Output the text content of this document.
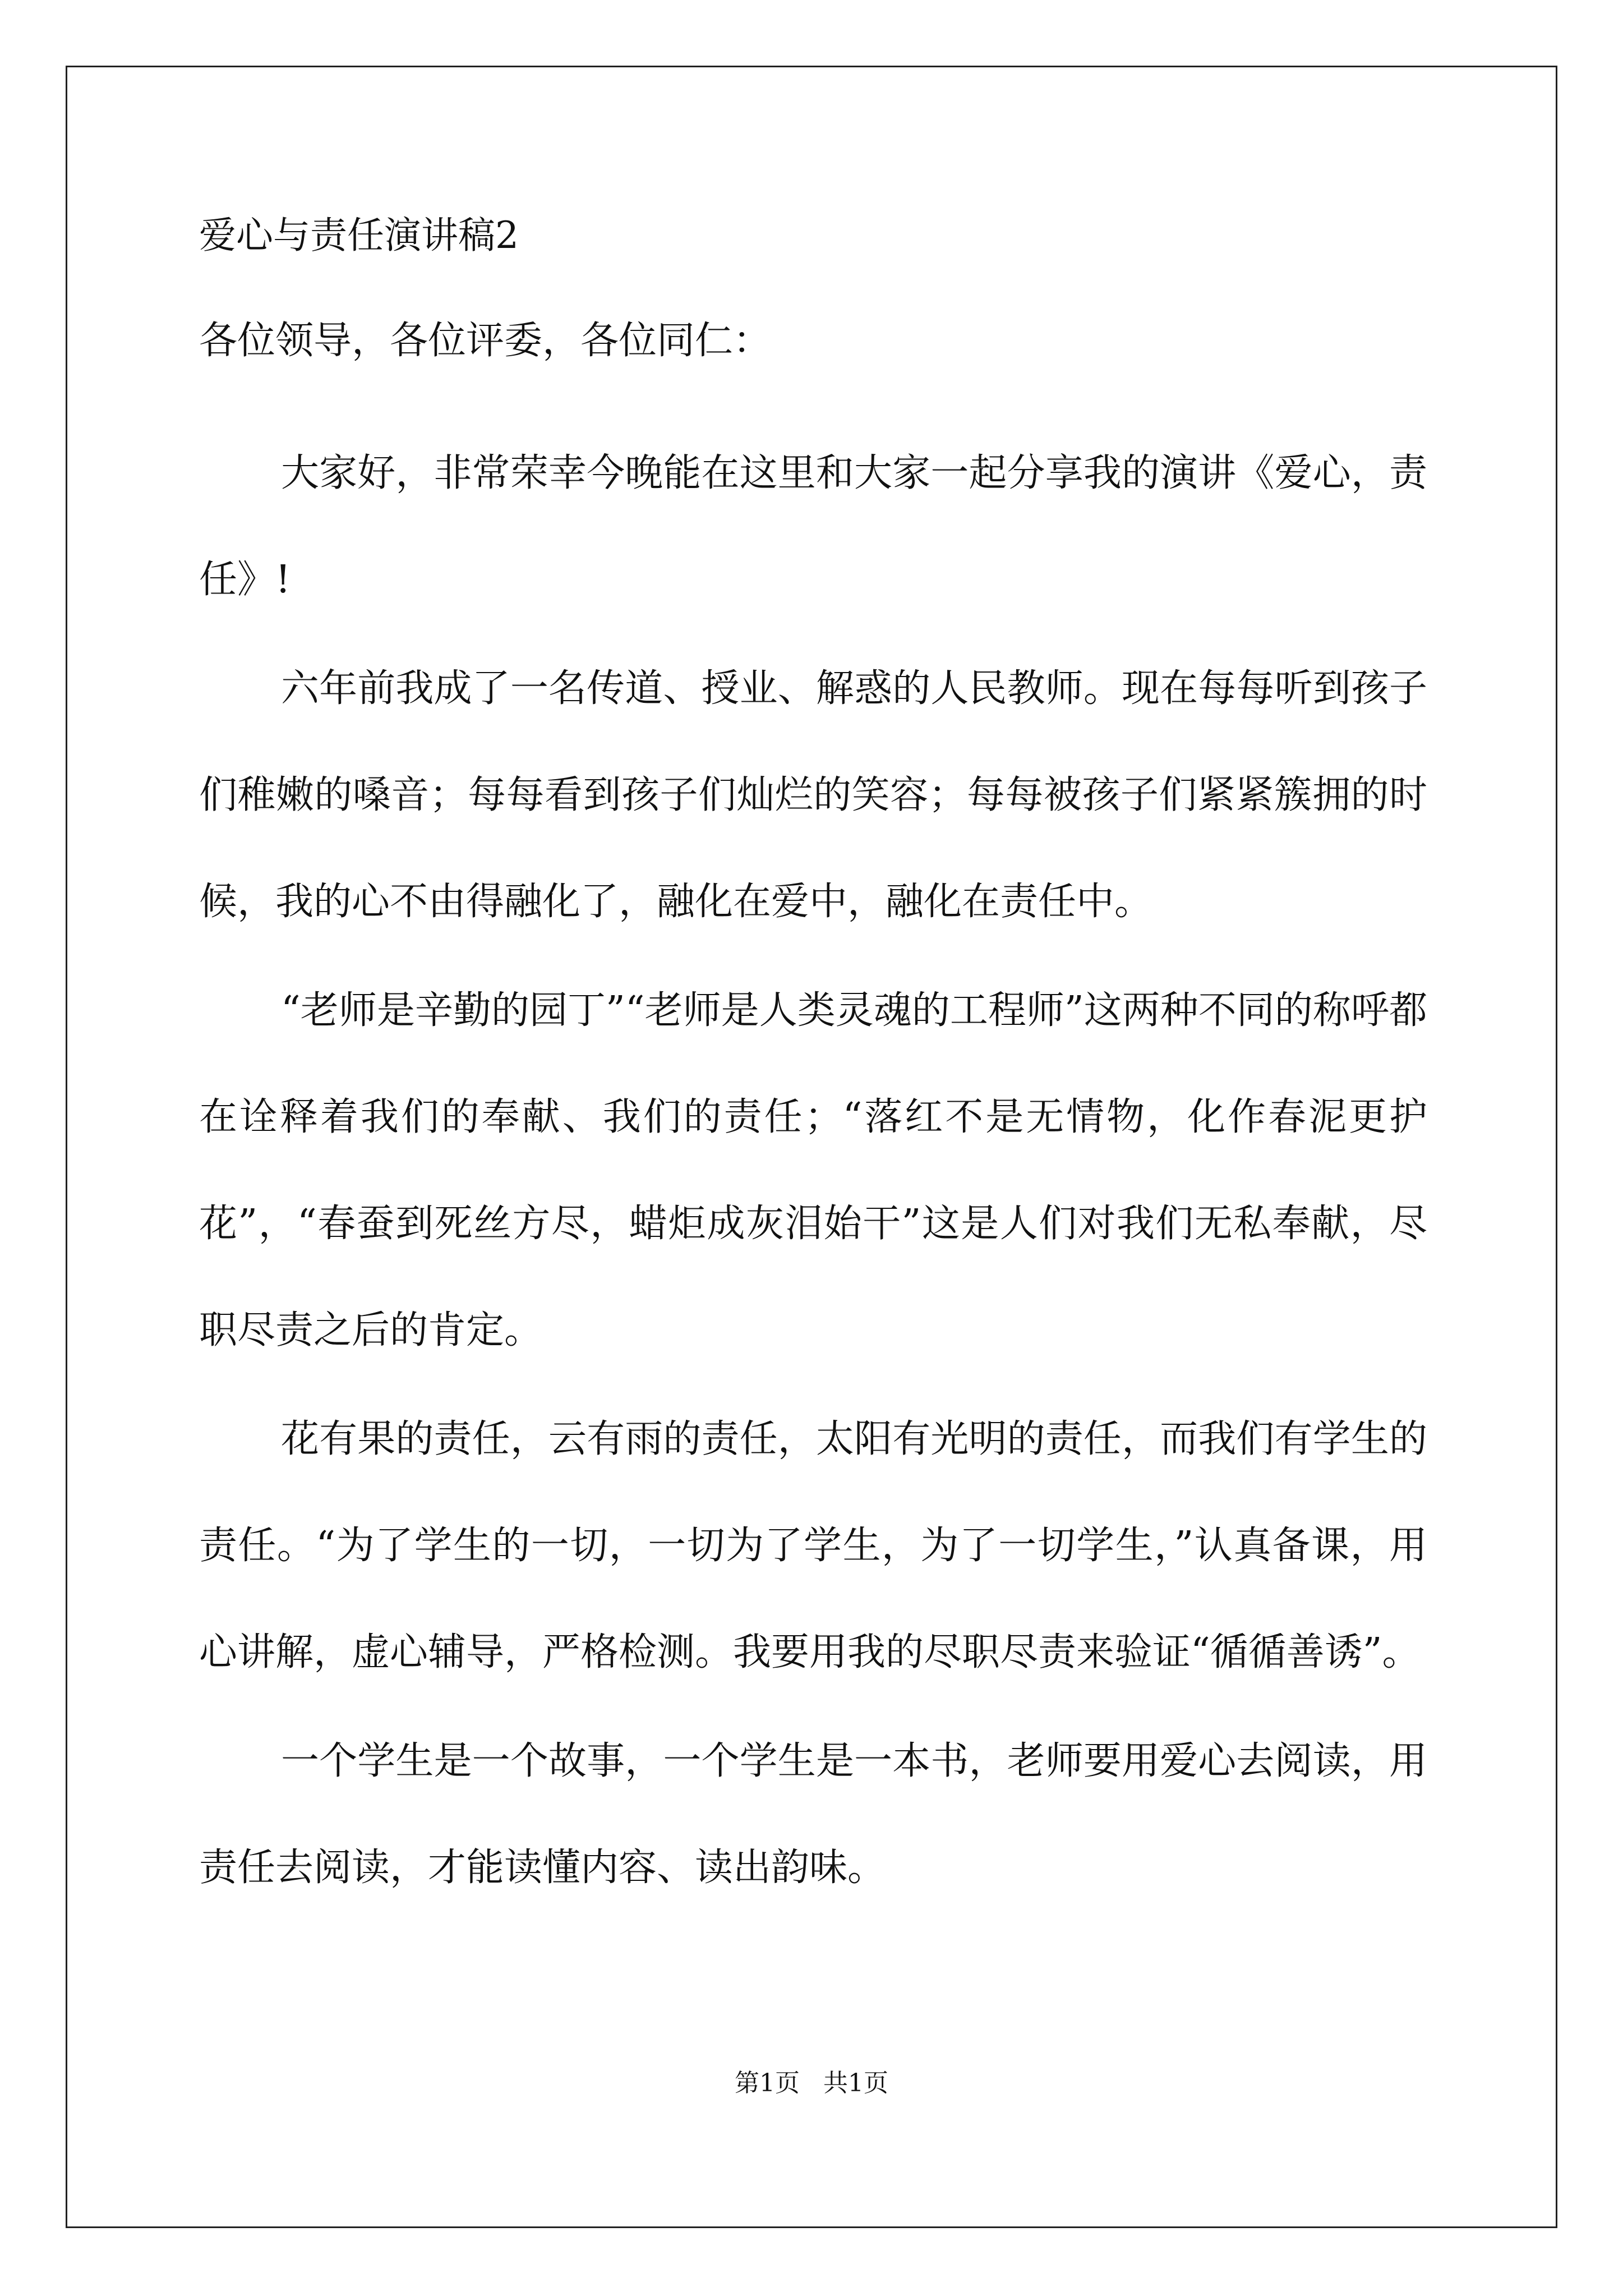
爱心与责任演讲稿2

各位领导，各位评委，各位同仁：

大家好，非常荣幸今晚能在这里和大家一起分享我的演讲《爱心，责任》!

六年前我成了一名传道、授业、解惑的人民教师。现在每每听到孩子们稚嫩的嗓音；每每看到孩子们灿烂的笑容；每每被孩子们紧紧簇拥的时候，我的心不由得融化了，融化在爱中，融化在责任中。

“老师是辛勤的园丁”“老师是人类灵魂的工程师”这两种不同的称呼都在诠释着我们的奉献、我们的责任；“落红不是无情物，化作春泥更护花”，“春蚕到死丝方尽，蜡炬成灰泪始干”这是人们对我们无私奉献，尽职尽责之后的肯定。

花有果的责任，云有雨的责任，太阳有光明的责任，而我们有学生的责任。“为了学生的一切，一切为了学生，为了一切学生，”认真备课，用心讲解，虚心辅导，严格检测。我要用我的尽职尽责来验证“循循善诱”。

一个学生是一个故事，一个学生是一本书，老师要用爱心去阅读，用责任去阅读，才能读懂内容、读出韵味。

第1页   共1页
